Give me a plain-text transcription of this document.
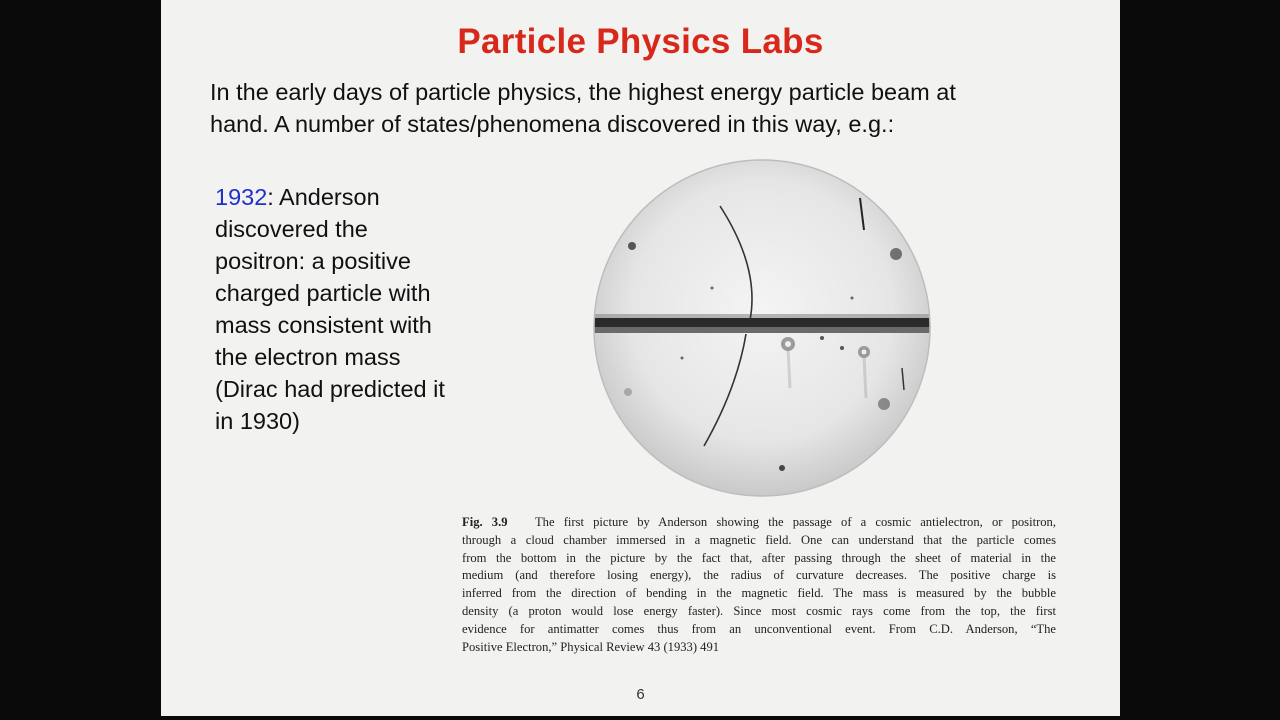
Particle Physics Labs
In the early days of particle physics, the highest energy particle beam at
hand. A number of states/phenomena discovered in this way, e.g.:
1932: Anderson
discovered the
positron: a positive
charged particle with
mass consistent with
the electron mass
(Dirac had predicted it
in 1930)
Fig. 3.9 The first picture by Anderson showing the passage of a cosmic antielectron, or positron,
through a cloud chamber immersed in a magnetic field. One can understand that the particle comes
from the bottom in the picture by the fact that, after passing through the sheet of material in the
medium (and therefore losing energy), the radius of curvature decreases. The positive charge is
inferred from the direction of bending in the magnetic field. The mass is measured by the bubble
density (a proton would lose energy faster). Since most cosmic rays come from the top, the first
evidence for antimatter comes thus from an unconventional event. From C.D. Anderson, “The
Positive Electron,” Physical Review 43 (1933) 491
6
